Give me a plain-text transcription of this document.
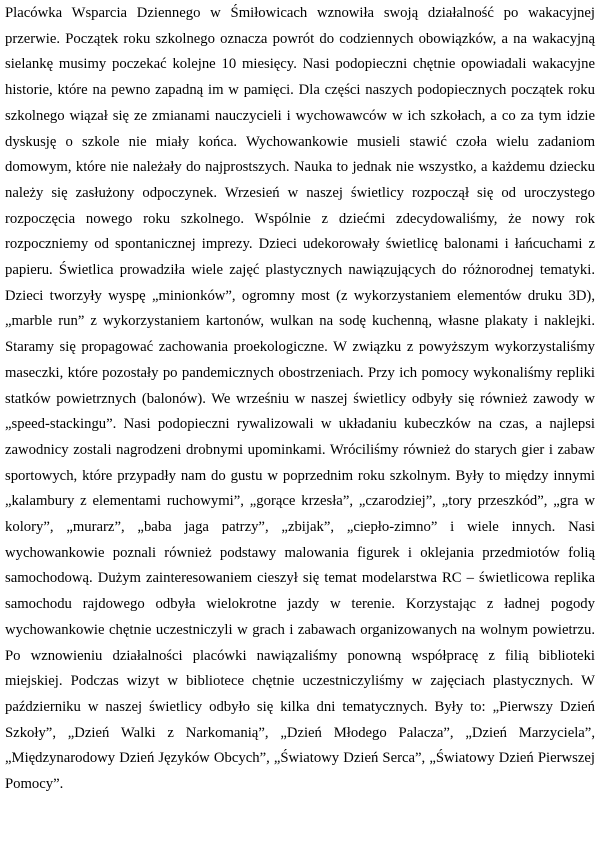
Placówka Wsparcia Dziennego w Śmiłowicach wznowiła swoją działalność po wakacyjnej przerwie. Początek roku szkolnego oznacza powrót do codziennych obowiązków, a na wakacyjną sielankę musimy poczekać kolejne 10 miesięcy. Nasi podopieczni chętnie opowiadali wakacyjne historie, które na pewno zapadną im w pamięci. Dla części naszych podopiecznych początek roku szkolnego wiązał się ze zmianami nauczycieli i wychowawców w ich szkołach, a co za tym idzie dyskusję o szkole nie miały końca. Wychowankowie musieli stawić czoła wielu zadaniom domowym, które nie należały do najprostszych. Nauka to jednak nie wszystko, a każdemu dziecku należy się zasłużony odpoczynek. Wrzesień w naszej świetlicy rozpoczął się od uroczystego rozpoczęcia nowego roku szkolnego. Wspólnie z dziećmi zdecydowaliśmy, że nowy rok rozpoczniemy od spontanicznej imprezy. Dzieci udekorowały świetlicę balonami i łańcuchami z papieru. Świetlica prowadziła wiele zajęć plastycznych nawiązujących do różnorodnej tematyki. Dzieci tworzyły wyspę „minionków”, ogromny most (z wykorzystaniem elementów druku 3D), „marble run” z wykorzystaniem kartonów, wulkan na sodę kuchenną, własne plakaty i naklejki. Staramy się propagować zachowania proekologiczne. W związku z powyższym wykorzystaliśmy maseczki, które pozostały po pandemicznych obostrzeniach. Przy ich pomocy wykonaliśmy repliki statków powietrznych (balonów). We wrześniu w naszej świetlicy odbyły się również zawody w „speed-stackingu”. Nasi podopieczni rywalizowali w układaniu kubeczków na czas, a najlepsi zawodnicy zostali nagrodzeni drobnymi upominkami. Wróciliśmy również do starych gier i zabaw sportowych, które przypadły nam do gustu w poprzednim roku szkolnym. Były to między innymi „kalambury z elementami ruchowymi”, „gorące krzesła”, „czarodziej”, „tory przeszkód”, „gra w kolory”, „murarz”, „baba jaga patrzy”, „zbijak”, „ciepło-zimno” i wiele innych. Nasi wychowankowie poznali również podstawy malowania figurek i oklejania przedmiotów folią samochodową. Dużym zainteresowaniem cieszył się temat modelarstwa RC – świetlicowa replika samochodu rajdowego odbyła wielokrotne jazdy w terenie. Korzystając z ładnej pogody wychowankowie chętnie uczestniczyli w grach i zabawach organizowanych na wolnym powietrzu. Po wznowieniu działalności placówki nawiązaliśmy ponowną współpracę z filią biblioteki miejskiej. Podczas wizyt w bibliotece chętnie uczestniczyliśmy w zajęciach plastycznych. W październiku w naszej świetlicy odbyło się kilka dni tematycznych. Były to: „Pierwszy Dzień Szkoły”, „Dzień Walki z Narkomanią”, „Dzień Młodego Palacza”, „Dzień Marzyciela”, „Międzynarodowy Dzień Języków Obcych”, „Światowy Dzień Serca”, „Światowy Dzień Pierwszej Pomocy”.
